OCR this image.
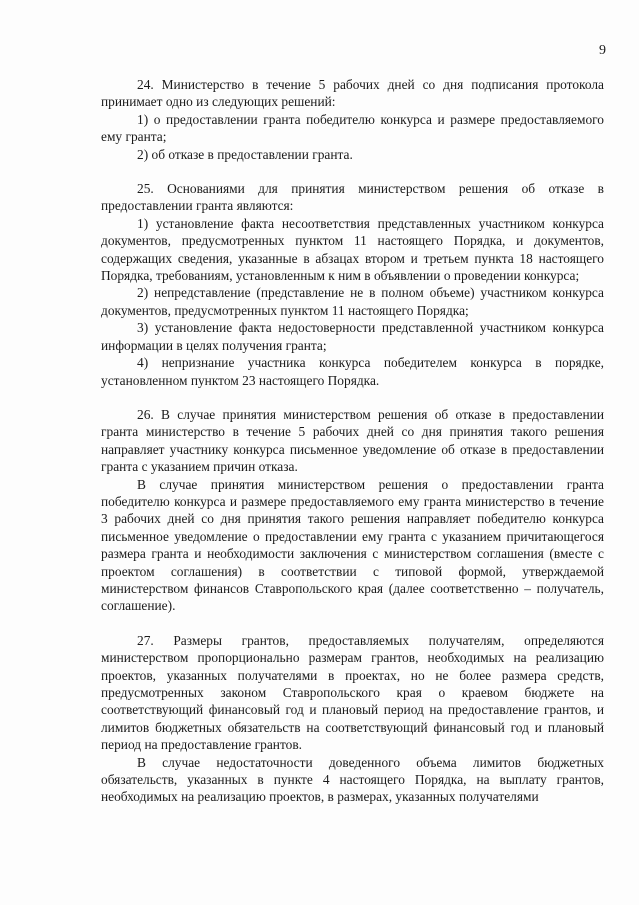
9

24. Министерство в течение 5 рабочих дней со дня подписания протокола принимает одно из следующих решений:

1) о предоставлении гранта победителю конкурса и размере предоставляемого ему гранта;

2) об отказе в предоставлении гранта.

25. Основаниями для принятия министерством решения об отказе в предоставлении гранта являются:

1) установление факта несоответствия представленных участником конкурса документов, предусмотренных пунктом 11 настоящего Порядка, и документов, содержащих сведения, указанные в абзацах втором и третьем пункта 18 настоящего Порядка, требованиям, установленным к ним в объявлении о проведении конкурса;

2) непредставление (представление не в полном объеме) участником конкурса документов, предусмотренных пунктом 11 настоящего Порядка;

3) установление факта недостоверности представленной участником конкурса информации в целях получения гранта;

4) непризнание участника конкурса победителем конкурса в порядке, установленном пунктом 23 настоящего Порядка.

26. В случае принятия министерством решения об отказе в предоставлении гранта министерство в течение 5 рабочих дней со дня принятия такого решения направляет участнику конкурса письменное уведомление об отказе в предоставлении гранта с указанием причин отказа.

В случае принятия министерством решения о предоставлении гранта победителю конкурса и размере предоставляемого ему гранта министерство в течение 3 рабочих дней со дня принятия такого решения направляет победителю конкурса письменное уведомление о предоставлении ему гранта с указанием причитающегося размера гранта и необходимости заключения с министерством соглашения (вместе с проектом соглашения) в соответствии с типовой формой, утверждаемой министерством финансов Ставропольского края (далее соответственно – получатель, соглашение).

27. Размеры грантов, предоставляемых получателям, определяются министерством пропорционально размерам грантов, необходимых на реализацию проектов, указанных получателями в проектах, но не более размера средств, предусмотренных законом Ставропольского края о краевом бюджете на соответствующий финансовый год и плановый период на предоставление грантов, и лимитов бюджетных обязательств на соответствующий финансовый год и плановый период на предоставление грантов.

В случае недостаточности доведенного объема лимитов бюджетных обязательств, указанных в пункте 4 настоящего Порядка, на выплату грантов, необходимых на реализацию проектов, в размерах, указанных получателями
